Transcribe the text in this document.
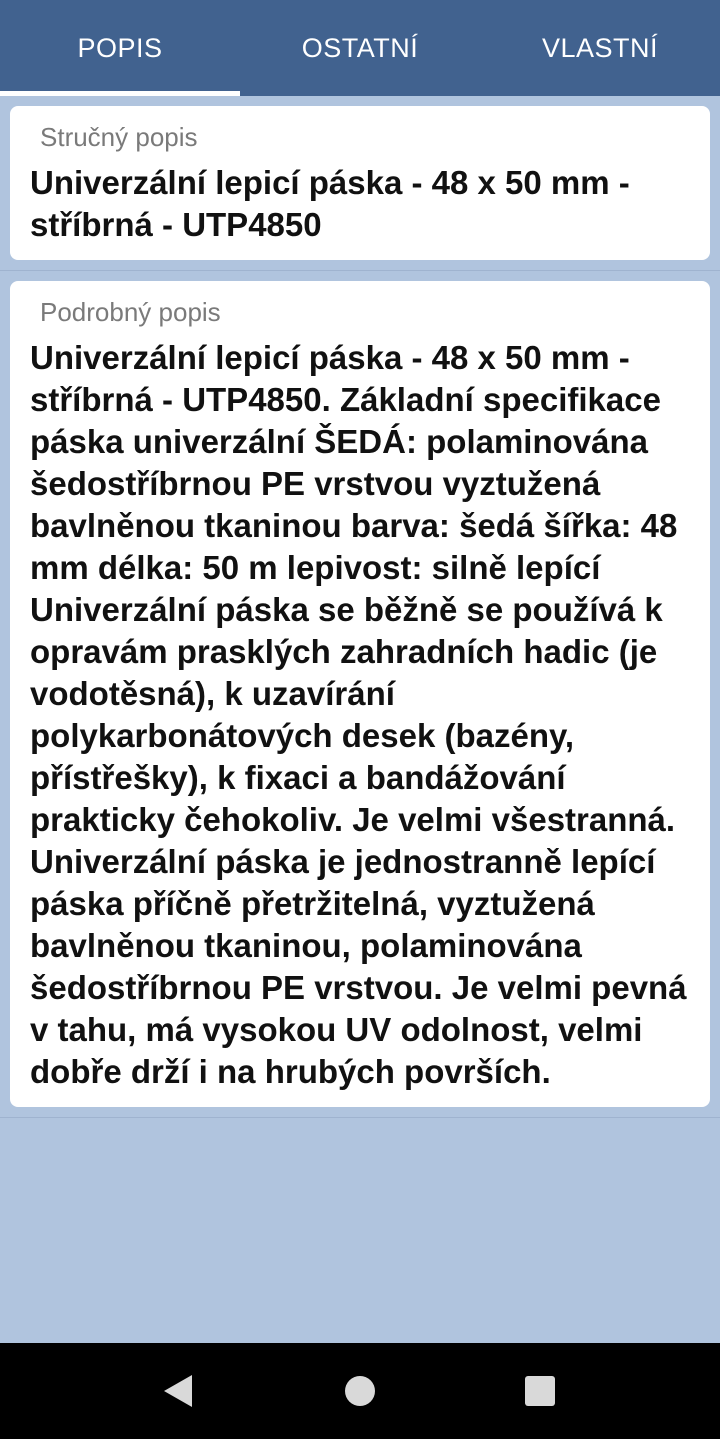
POPIS	OSTATNÍ	VLASTNÍ
Stručný popis

Univerzální lepicí páska - 48 x 50 mm - stříbrná - UTP4850

Podrobný popis

Univerzální lepicí páska - 48 x 50 mm - stříbrná - UTP4850. Základní specifikace páska univerzální ŠEDÁ: polaminována šedostříbrnou PE vrstvou vyztužená bavlněnou tkaninou barva: šedá šířka: 48 mm délka: 50 m lepivost: silně lepící Univerzální páska se běžně se používá k opravám prasklých zahradních hadic (je vodotěsná), k uzavírání polykarbonátových desek (bazény, přístřešky), k fixaci a bandážování prakticky čehokoliv. Je velmi všestranná. Univerzální páska je jednostranně lepící páska příčně přetržitelná, vyztužená bavlněnou tkaninou, polaminována šedostříbrnou PE vrstvou. Je velmi pevná v tahu, má vysokou UV odolnost, velmi dobře drží i na hrubých površích.
